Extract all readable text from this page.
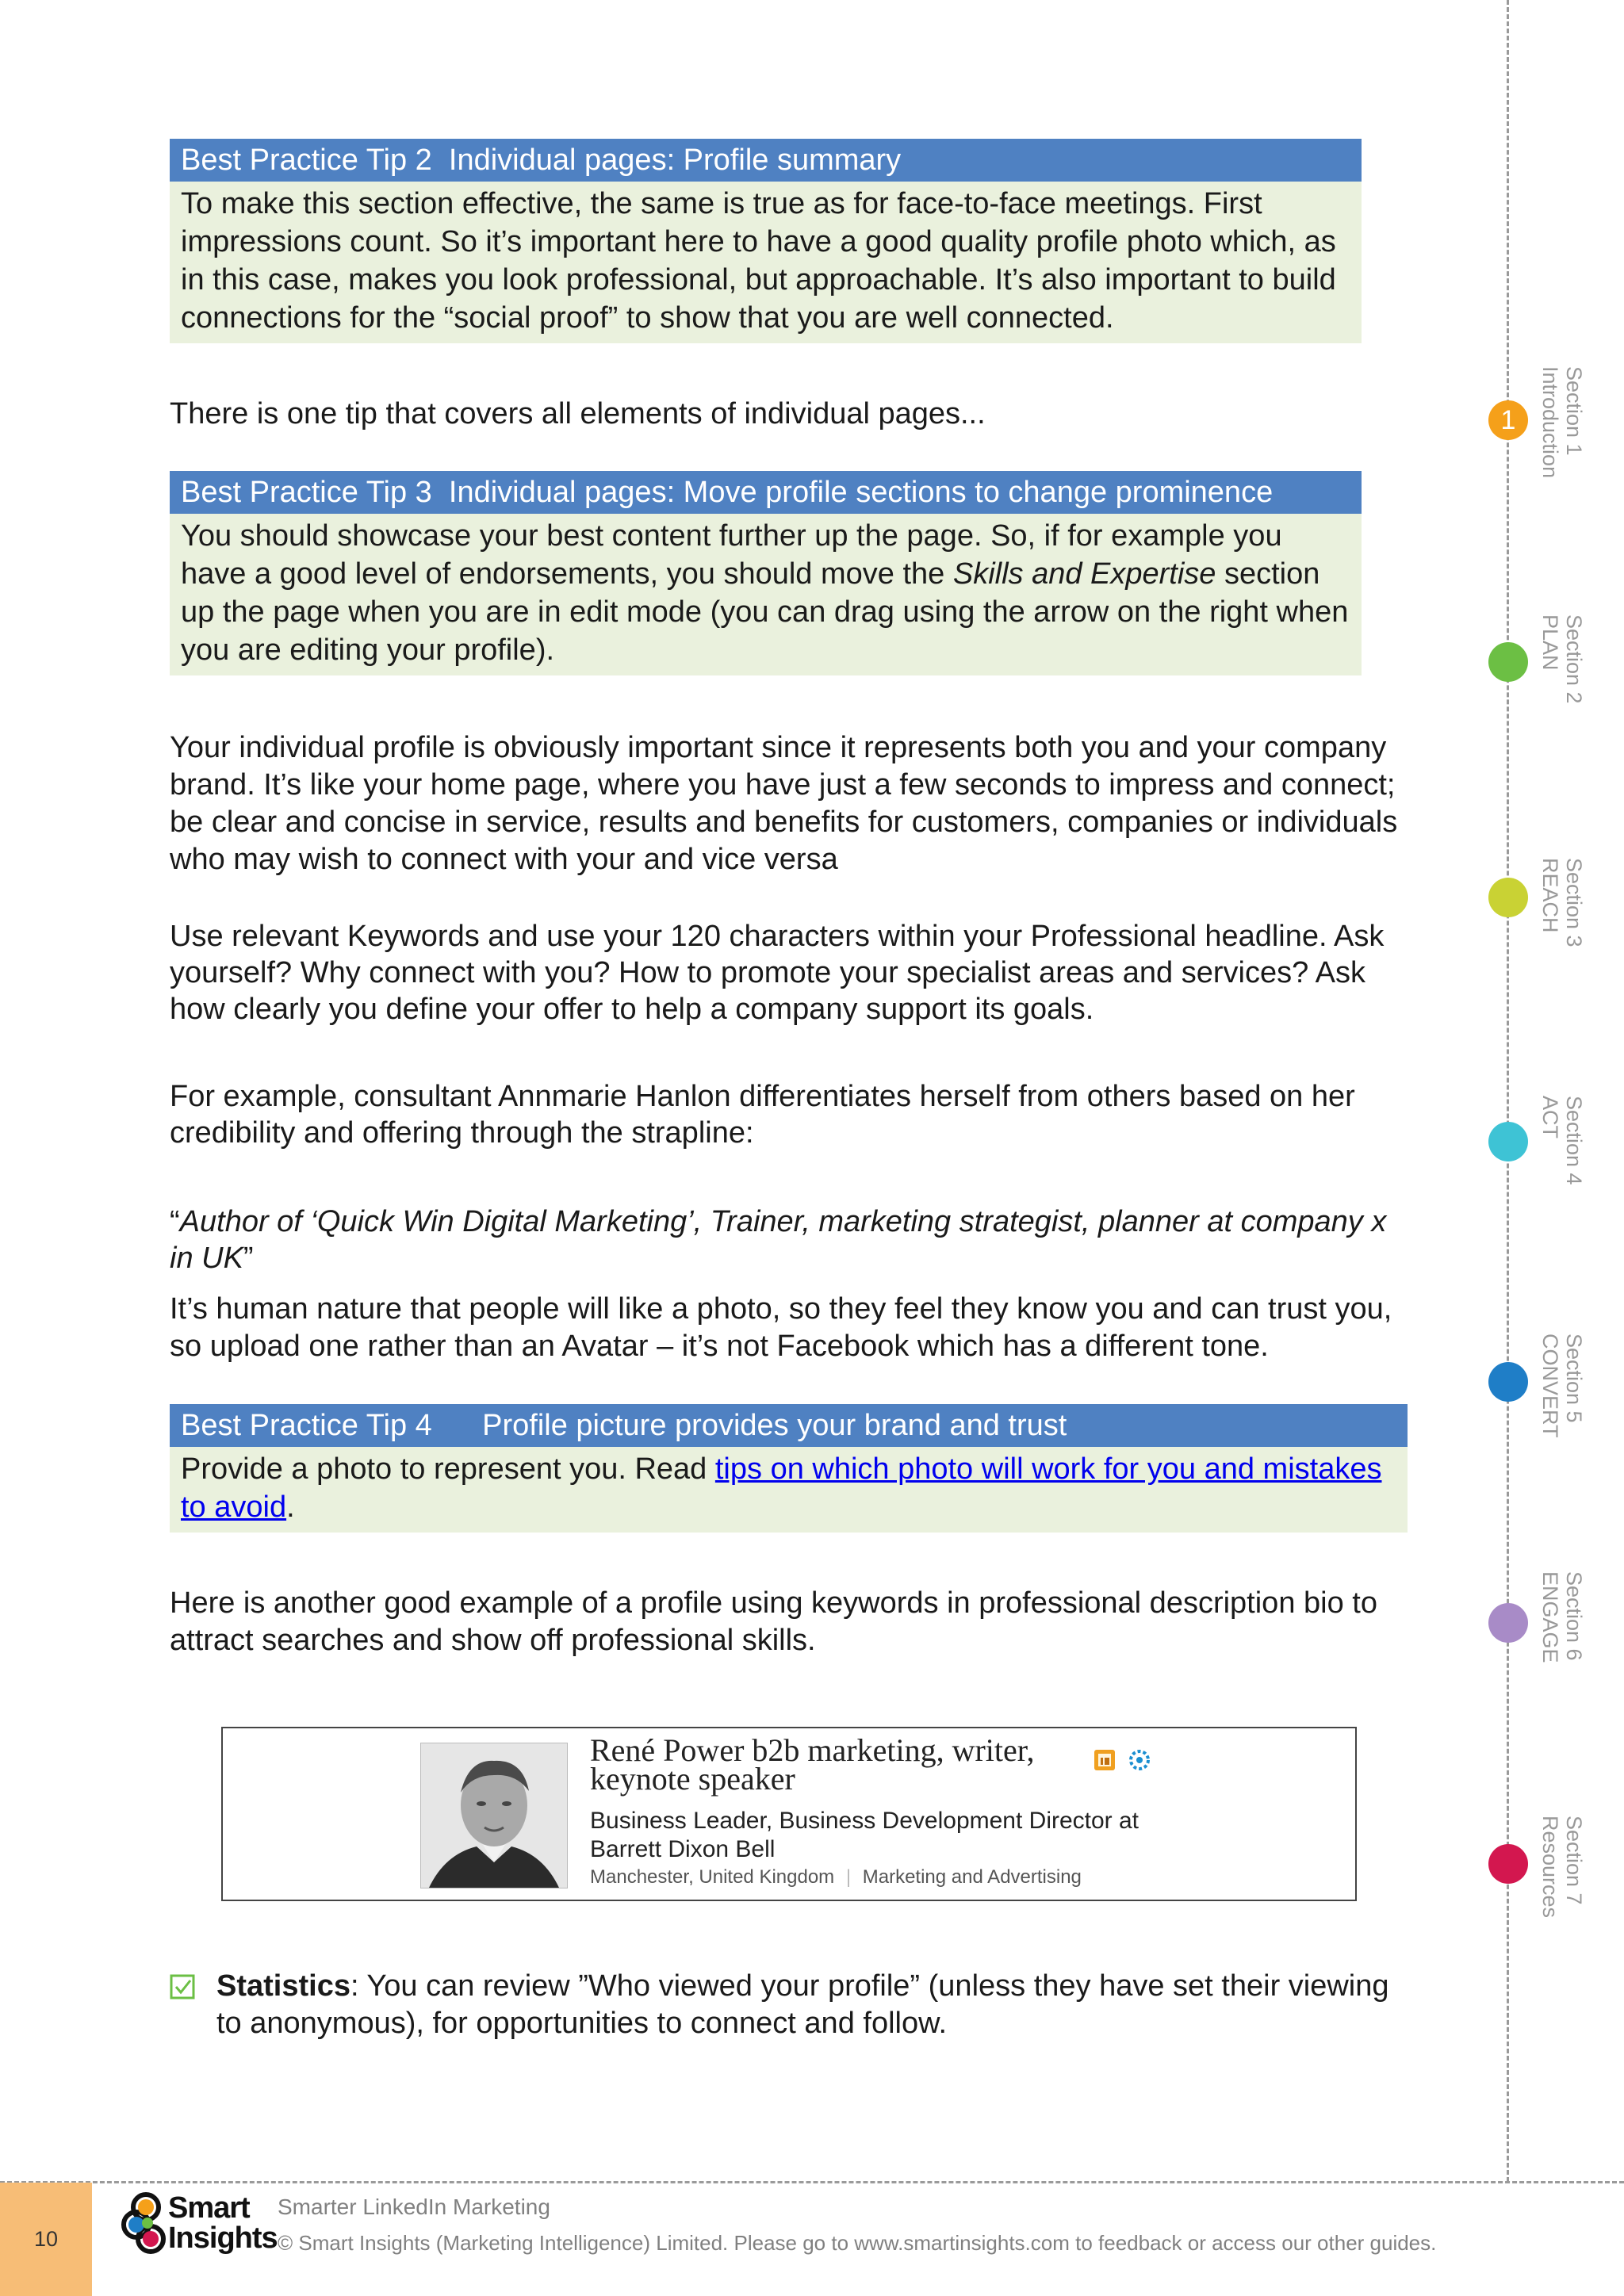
Best Practice Tip 2  Individual pages: Profile summary
To make this section effective, the same is true as for face-to-face meetings. First impressions count. So it’s important here to have a good quality profile photo which, as in this case, makes you look professional, but approachable. It’s also important to build connections for the “social proof” to show that you are well connected.

There is one tip that covers all elements of individual pages...

Best Practice Tip 3  Individual pages: Move profile sections to change prominence
You should showcase your best content further up the page. So, if for example you have a good level of endorsements, you should move the Skills and Expertise section up the page when you are in edit mode (you can drag using the arrow on the right when you are editing your profile).

Your individual profile is obviously important since it represents both you and your company brand. It’s like your home page, where you have just a few seconds to impress and connect; be clear and concise in service, results and benefits for customers, companies or individuals who may wish to connect with your and vice versa

Use relevant Keywords and use your 120 characters within your Professional headline. Ask yourself? Why connect with you? How to promote your specialist areas and services? Ask how clearly you define your offer to help a company support its goals.

For example, consultant Annmarie Hanlon differentiates herself from others based on her credibility and offering through the strapline:

“Author of ‘Quick Win Digital Marketing’, Trainer, marketing strategist, planner at company x in UK”

It’s human nature that people will like a photo, so they feel they know you and can trust you, so upload one rather than an Avatar – it’s not Facebook which has a different tone.

Best Practice Tip 4      Profile picture provides your brand and trust
Provide a photo to represent you. Read tips on which photo will work for you and mistakes to avoid.

Here is another good example of a profile using keywords in professional description bio to attract searches and show off professional skills.

René Power b2b marketing, writer, keynote speaker
Business Leader, Business Development Director at Barrett Dixon Bell
Manchester, United Kingdom | Marketing and Advertising

Statistics: You can review ”Who viewed your profile” (unless they have set their viewing to anonymous), for opportunities to connect and follow.

1	Section 1
Introduction
Section 2
PLAN
Section 3
REACH
Section 4
ACT
Section 5
CONVERT
Section 6
ENGAGE
Section 7
Resources
10
Smart
Insights
Smarter LinkedIn Marketing
© Smart Insights (Marketing Intelligence) Limited. Please go to www.smartinsights.com to feedback or access our other guides.
